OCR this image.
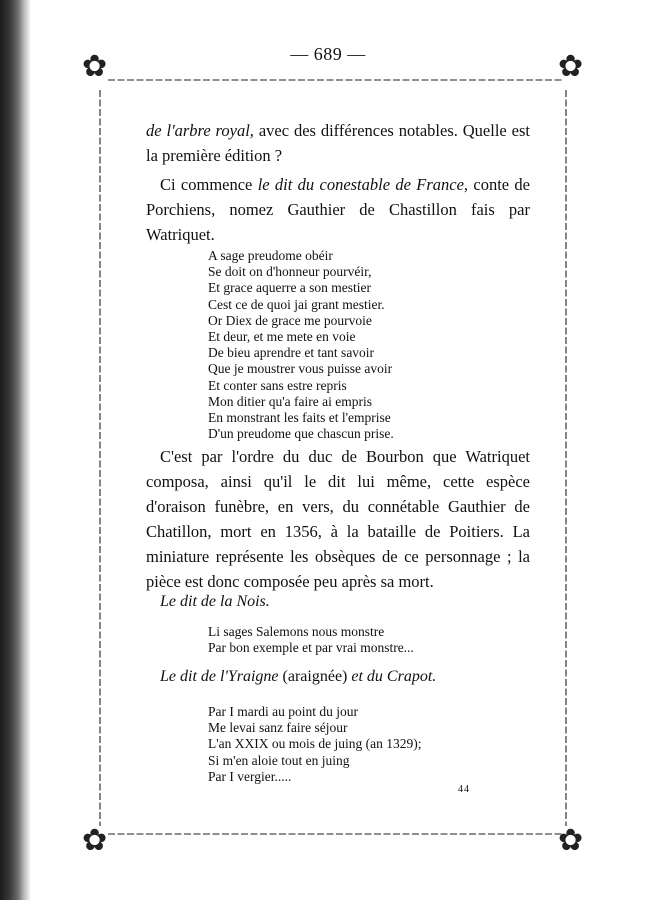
— 689 —
✿	✿
✿	✿
de l'arbre royal, avec des différences notables. Quelle est la première édition ?
Ci commence le dit du conestable de France, conte de Porchiens, nomez Gauthier de Chastillon fais par Watriquet.
A sage preudome obéir
Se doit on d'honneur pourvéir,
Et grace aquerre a son mestier
Cest ce de quoi jai grant mestier.
Or Diex de grace me pourvoie
Et deur, et me mete en voie
De bieu aprendre et tant savoir
Que je moustrer vous puisse avoir
Et conter sans estre repris
Mon ditier qu'a faire ai empris
En monstrant les faits et l'emprise
D'un preudome que chascun prise.
C'est par l'ordre du duc de Bourbon que Watriquet composa, ainsi qu'il le dit lui même, cette espèce d'oraison funèbre, en vers, du connétable Gauthier de Chatillon, mort en 1356, à la bataille de Poitiers. La miniature représente les obsèques de ce personnage ; la pièce est donc composée peu après sa mort.
Le dit de la Nois.
Li sages Salemons nous monstre
Par bon exemple et par vrai monstre...
Le dit de l'Yraigne (araignée) et du Crapot.
Par I mardi au point du jour
Me levai sanz faire séjour
L'an XXIX ou mois de juing (an 1329);
Si m'en aloie tout en juing
Par I vergier.....
44
